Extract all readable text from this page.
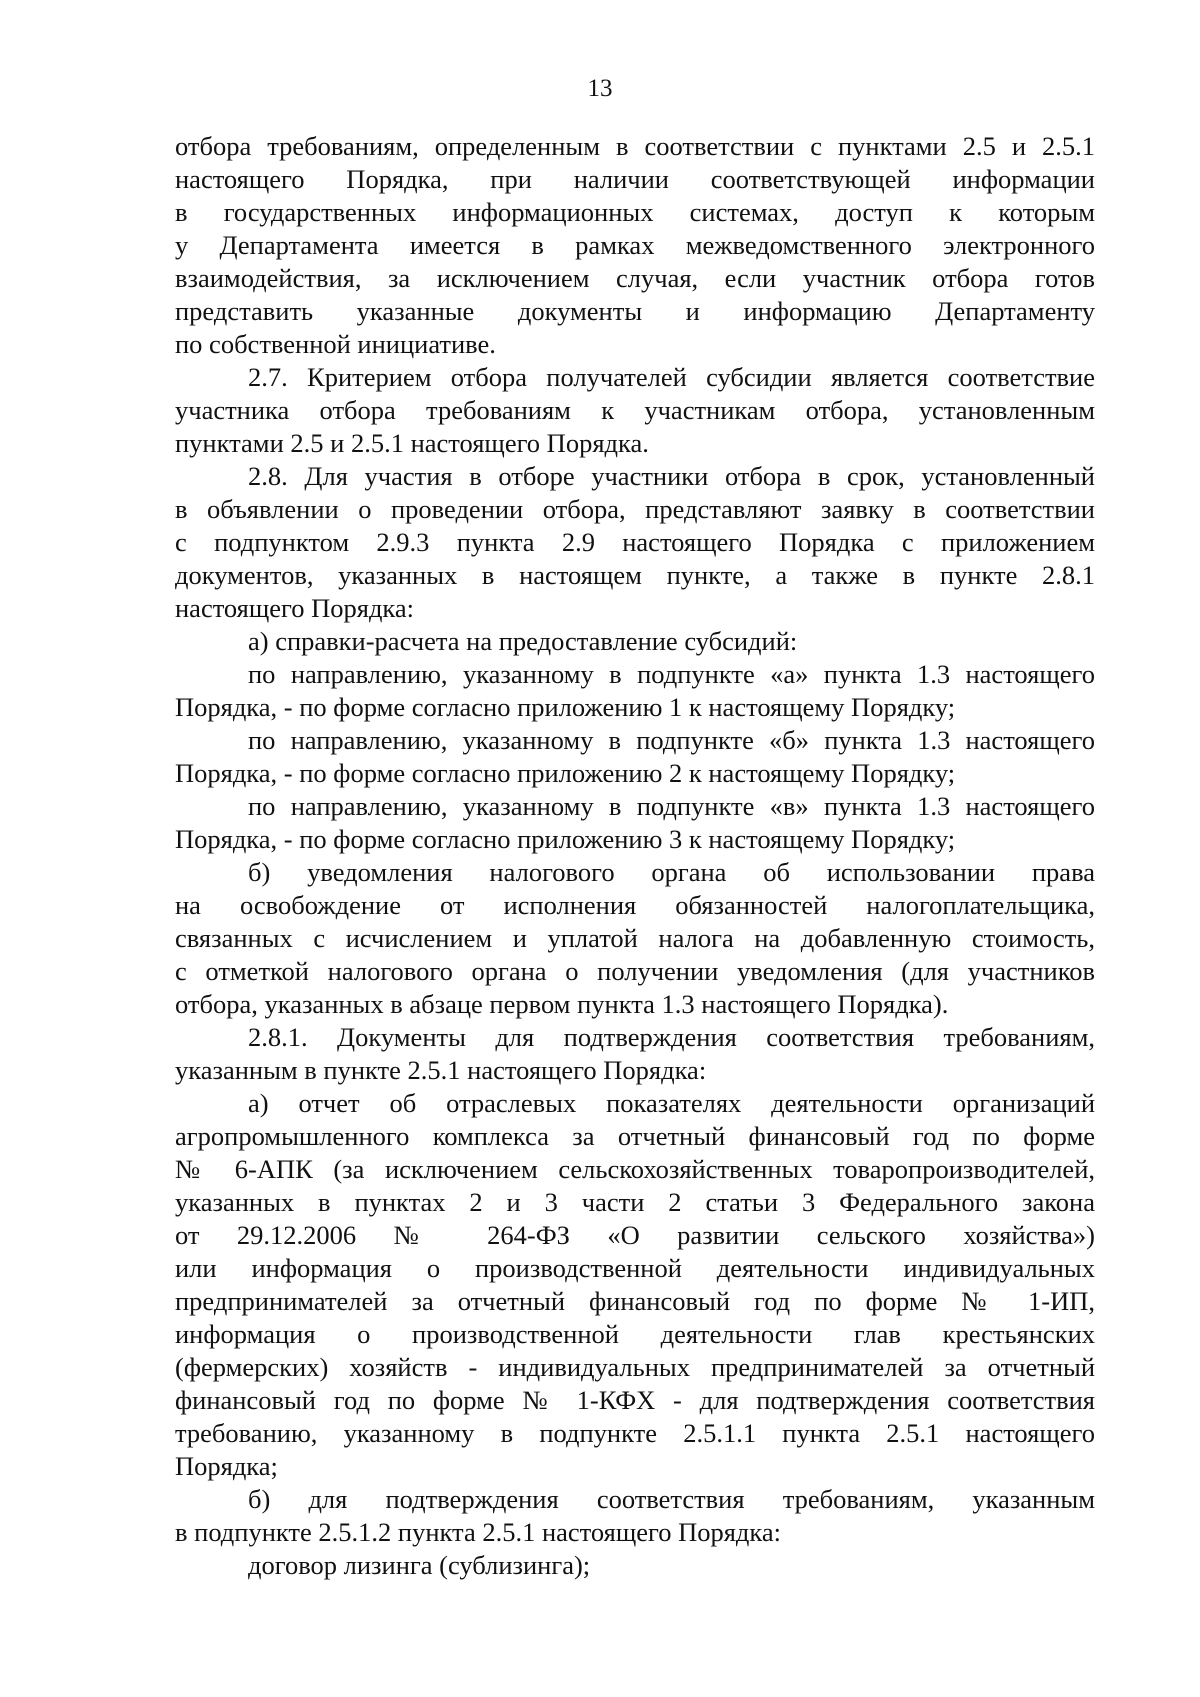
13
отбора требованиям, определенным в соответствии с пунктами 2.5 и 2.5.1
настоящего Порядка, при наличии соответствующей информации
в государственных информационных системах, доступ к которым
у Департамента имеется в рамках межведомственного электронного
взаимодействия, за исключением случая, если участник отбора готов
представить указанные документы и информацию Департаменту
по собственной инициативе.
2.7. Критерием отбора получателей субсидии является соответствие
участника отбора требованиям к участникам отбора, установленным
пунктами 2.5 и 2.5.1 настоящего Порядка.
2.8. Для участия в отборе участники отбора в срок, установленный
в объявлении о проведении отбора, представляют заявку в соответствии
с подпунктом 2.9.3 пункта 2.9 настоящего Порядка с приложением
документов, указанных в настоящем пункте, а также в пункте 2.8.1
настоящего Порядка:
а) справки-расчета на предоставление субсидий:
по направлению, указанному в подпункте «а» пункта 1.3 настоящего
Порядка, - по форме согласно приложению 1 к настоящему Порядку;
по направлению, указанному в подпункте «б» пункта 1.3 настоящего
Порядка, - по форме согласно приложению 2 к настоящему Порядку;
по направлению, указанному в подпункте «в» пункта 1.3 настоящего
Порядка, - по форме согласно приложению 3 к настоящему Порядку;
б) уведомления налогового органа об использовании права
на освобождение от исполнения обязанностей налогоплательщика,
связанных с исчислением и уплатой налога на добавленную стоимость,
с отметкой налогового органа о получении уведомления (для участников
отбора, указанных в абзаце первом пункта 1.3 настоящего Порядка).
2.8.1. Документы для подтверждения соответствия требованиям,
указанным в пункте 2.5.1 настоящего Порядка:
а) отчет об отраслевых показателях деятельности организаций
агропромышленного комплекса за отчетный финансовый год по форме
№ 6-АПК (за исключением сельскохозяйственных товаропроизводителей,
указанных в пунктах 2 и 3 части 2 статьи 3 Федерального закона
от 29.12.2006 № 264-ФЗ «О развитии сельского хозяйства»)
или информация о производственной деятельности индивидуальных
предпринимателей за отчетный финансовый год по форме № 1-ИП,
информация о производственной деятельности глав крестьянских
(фермерских) хозяйств - индивидуальных предпринимателей за отчетный
финансовый год по форме № 1-КФХ - для подтверждения соответствия
требованию, указанному в подпункте 2.5.1.1 пункта 2.5.1 настоящего
Порядка;
б) для подтверждения соответствия требованиям, указанным
в подпункте 2.5.1.2 пункта 2.5.1 настоящего Порядка:
договор лизинга (сублизинга);
